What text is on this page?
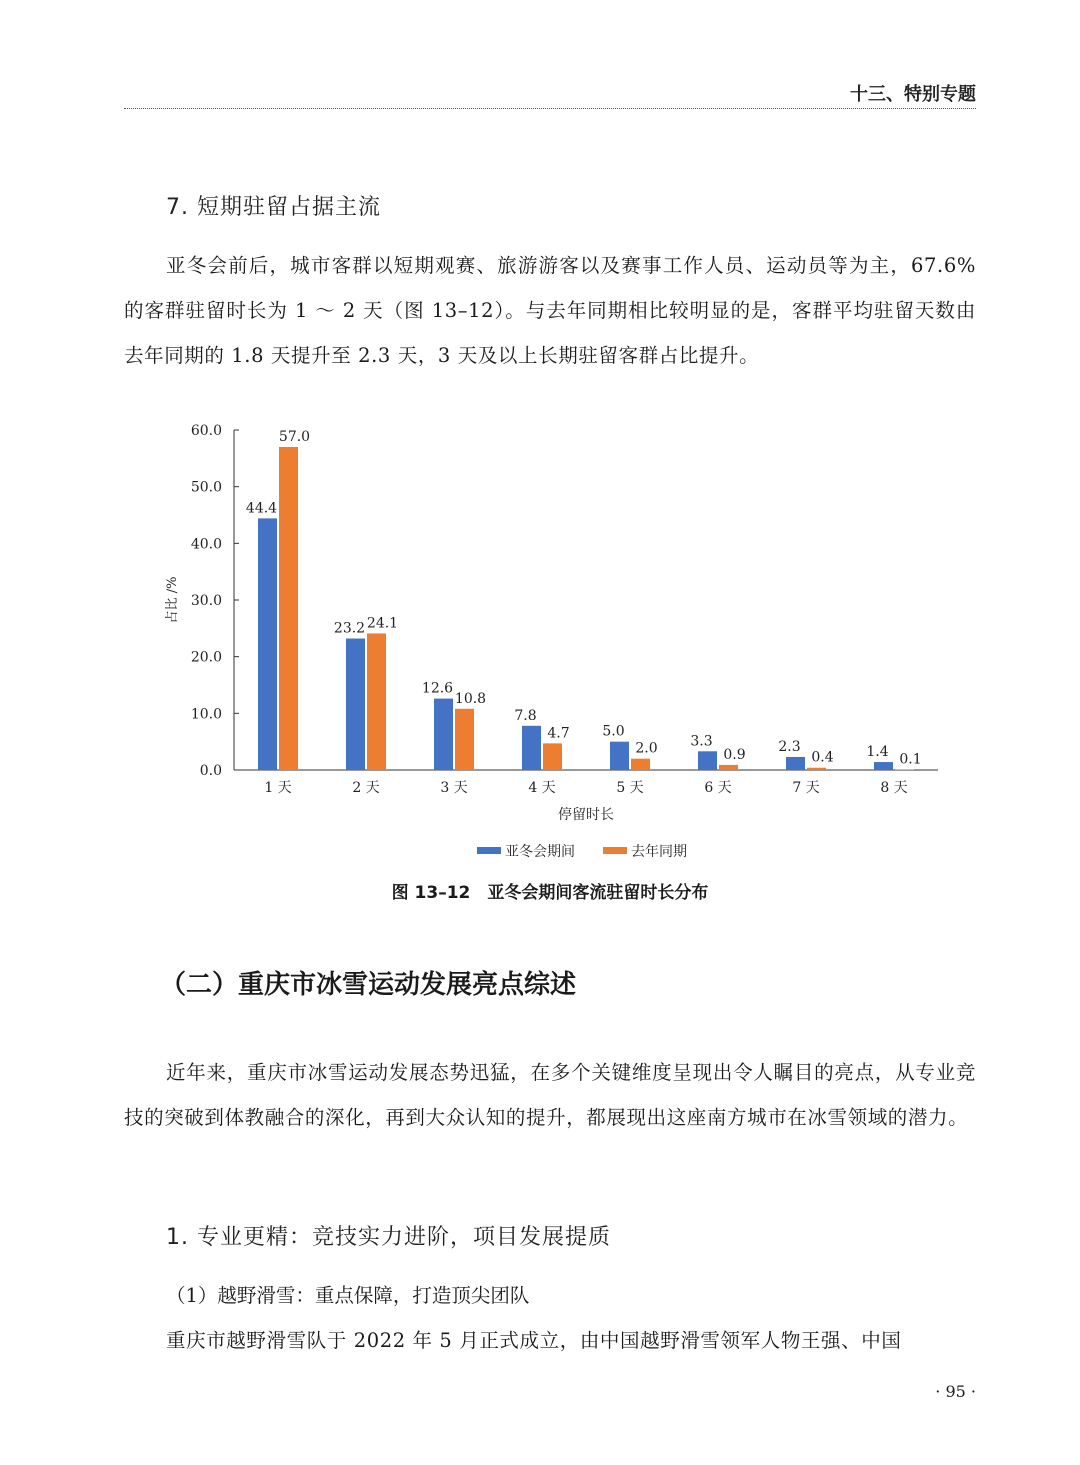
十三、特别专题
7. 短期驻留占据主流
亚冬会前后，城市客群以短期观赛、旅游游客以及赛事工作人员、运动员等为主，67.6% 的客群驻留时长为 1 ～ 2 天（图 13–12）。与去年同期相比较明显的是，客群平均驻留天数由去年同期的 1.8 天提升至 2.3 天，3 天及以上长期驻留客群占比提升。
0.0
10.0
20.0
30.0
40.0
50.0
60.0
占比 /%
44.4
57.0
1 天
23.2 24.1
2 天
12.6
10.8
3 天
7.8
4.7
4 天
5.0
2.0
5 天
3.3
0.9
6 天
2.3
0.4
7 天
1.4 0.1
8 天
停留时长
亚冬会期间	去年同期
图 13–12　亚冬会期间客流驻留时长分布
（二）重庆市冰雪运动发展亮点综述
近年来，重庆市冰雪运动发展态势迅猛，在多个关键维度呈现出令人瞩目的亮点，从专业竞技的突破到体教融合的深化，再到大众认知的提升，都展现出这座南方城市在冰雪领域的潜力。
1. 专业更精：竞技实力进阶，项目发展提质
（1）越野滑雪：重点保障，打造顶尖团队
重庆市越野滑雪队于 2022 年 5 月正式成立，由中国越野滑雪领军人物王强、中国
· 95 ·
